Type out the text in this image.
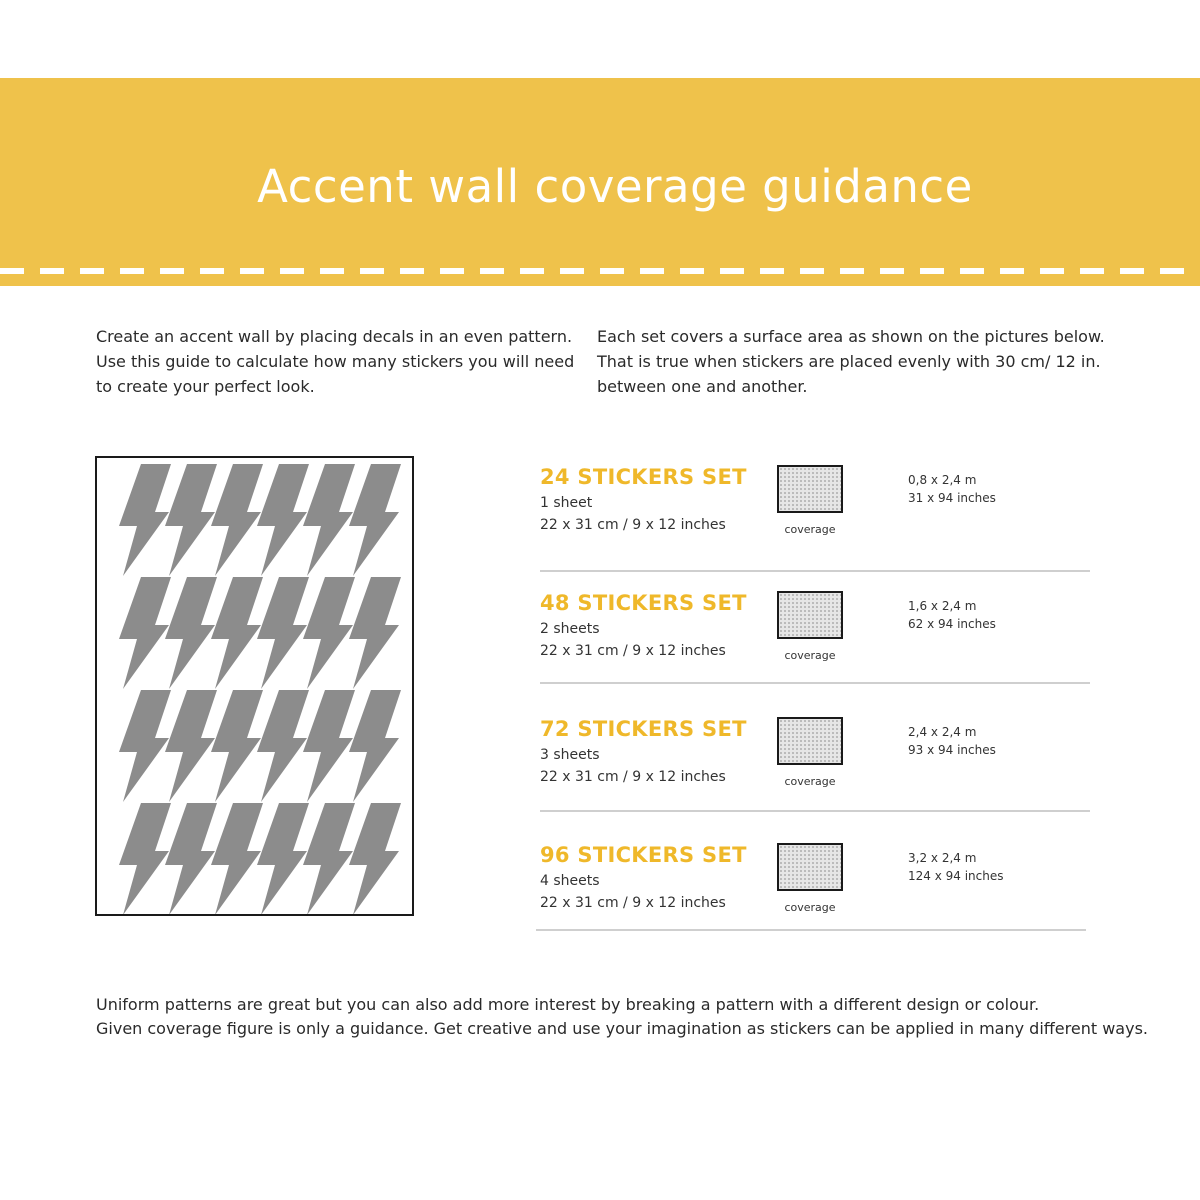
Accent wall coverage guidance

Create an accent wall by placing decals in an even pattern.

Use this guide to calculate how many stickers you will need

to create your perfect look.

Each set covers a surface area as shown on the pictures below.

That is true when stickers are placed evenly with 30 cm/ 12 in.

between one and another.

24 STICKERS SET
1 sheet
22 x 31 cm / 9 x 12 inches	coverage
0,8 x 2,4 m
31 x 94 inches
48 STICKERS SET
2 sheets
22 x 31 cm / 9 x 12 inches	coverage
1,6 x 2,4 m
62 x 94 inches
72 STICKERS SET
3 sheets
22 x 31 cm / 9 x 12 inches	coverage
2,4 x 2,4 m
93 x 94 inches
96 STICKERS SET
4 sheets
22 x 31 cm / 9 x 12 inches	coverage
3,2 x 2,4 m
124 x 94 inches

Uniform patterns are great but you can also add more interest by breaking a pattern with a different design or colour.

Given coverage figure is only a guidance. Get creative and use your imagination as stickers can be applied in many different ways.
